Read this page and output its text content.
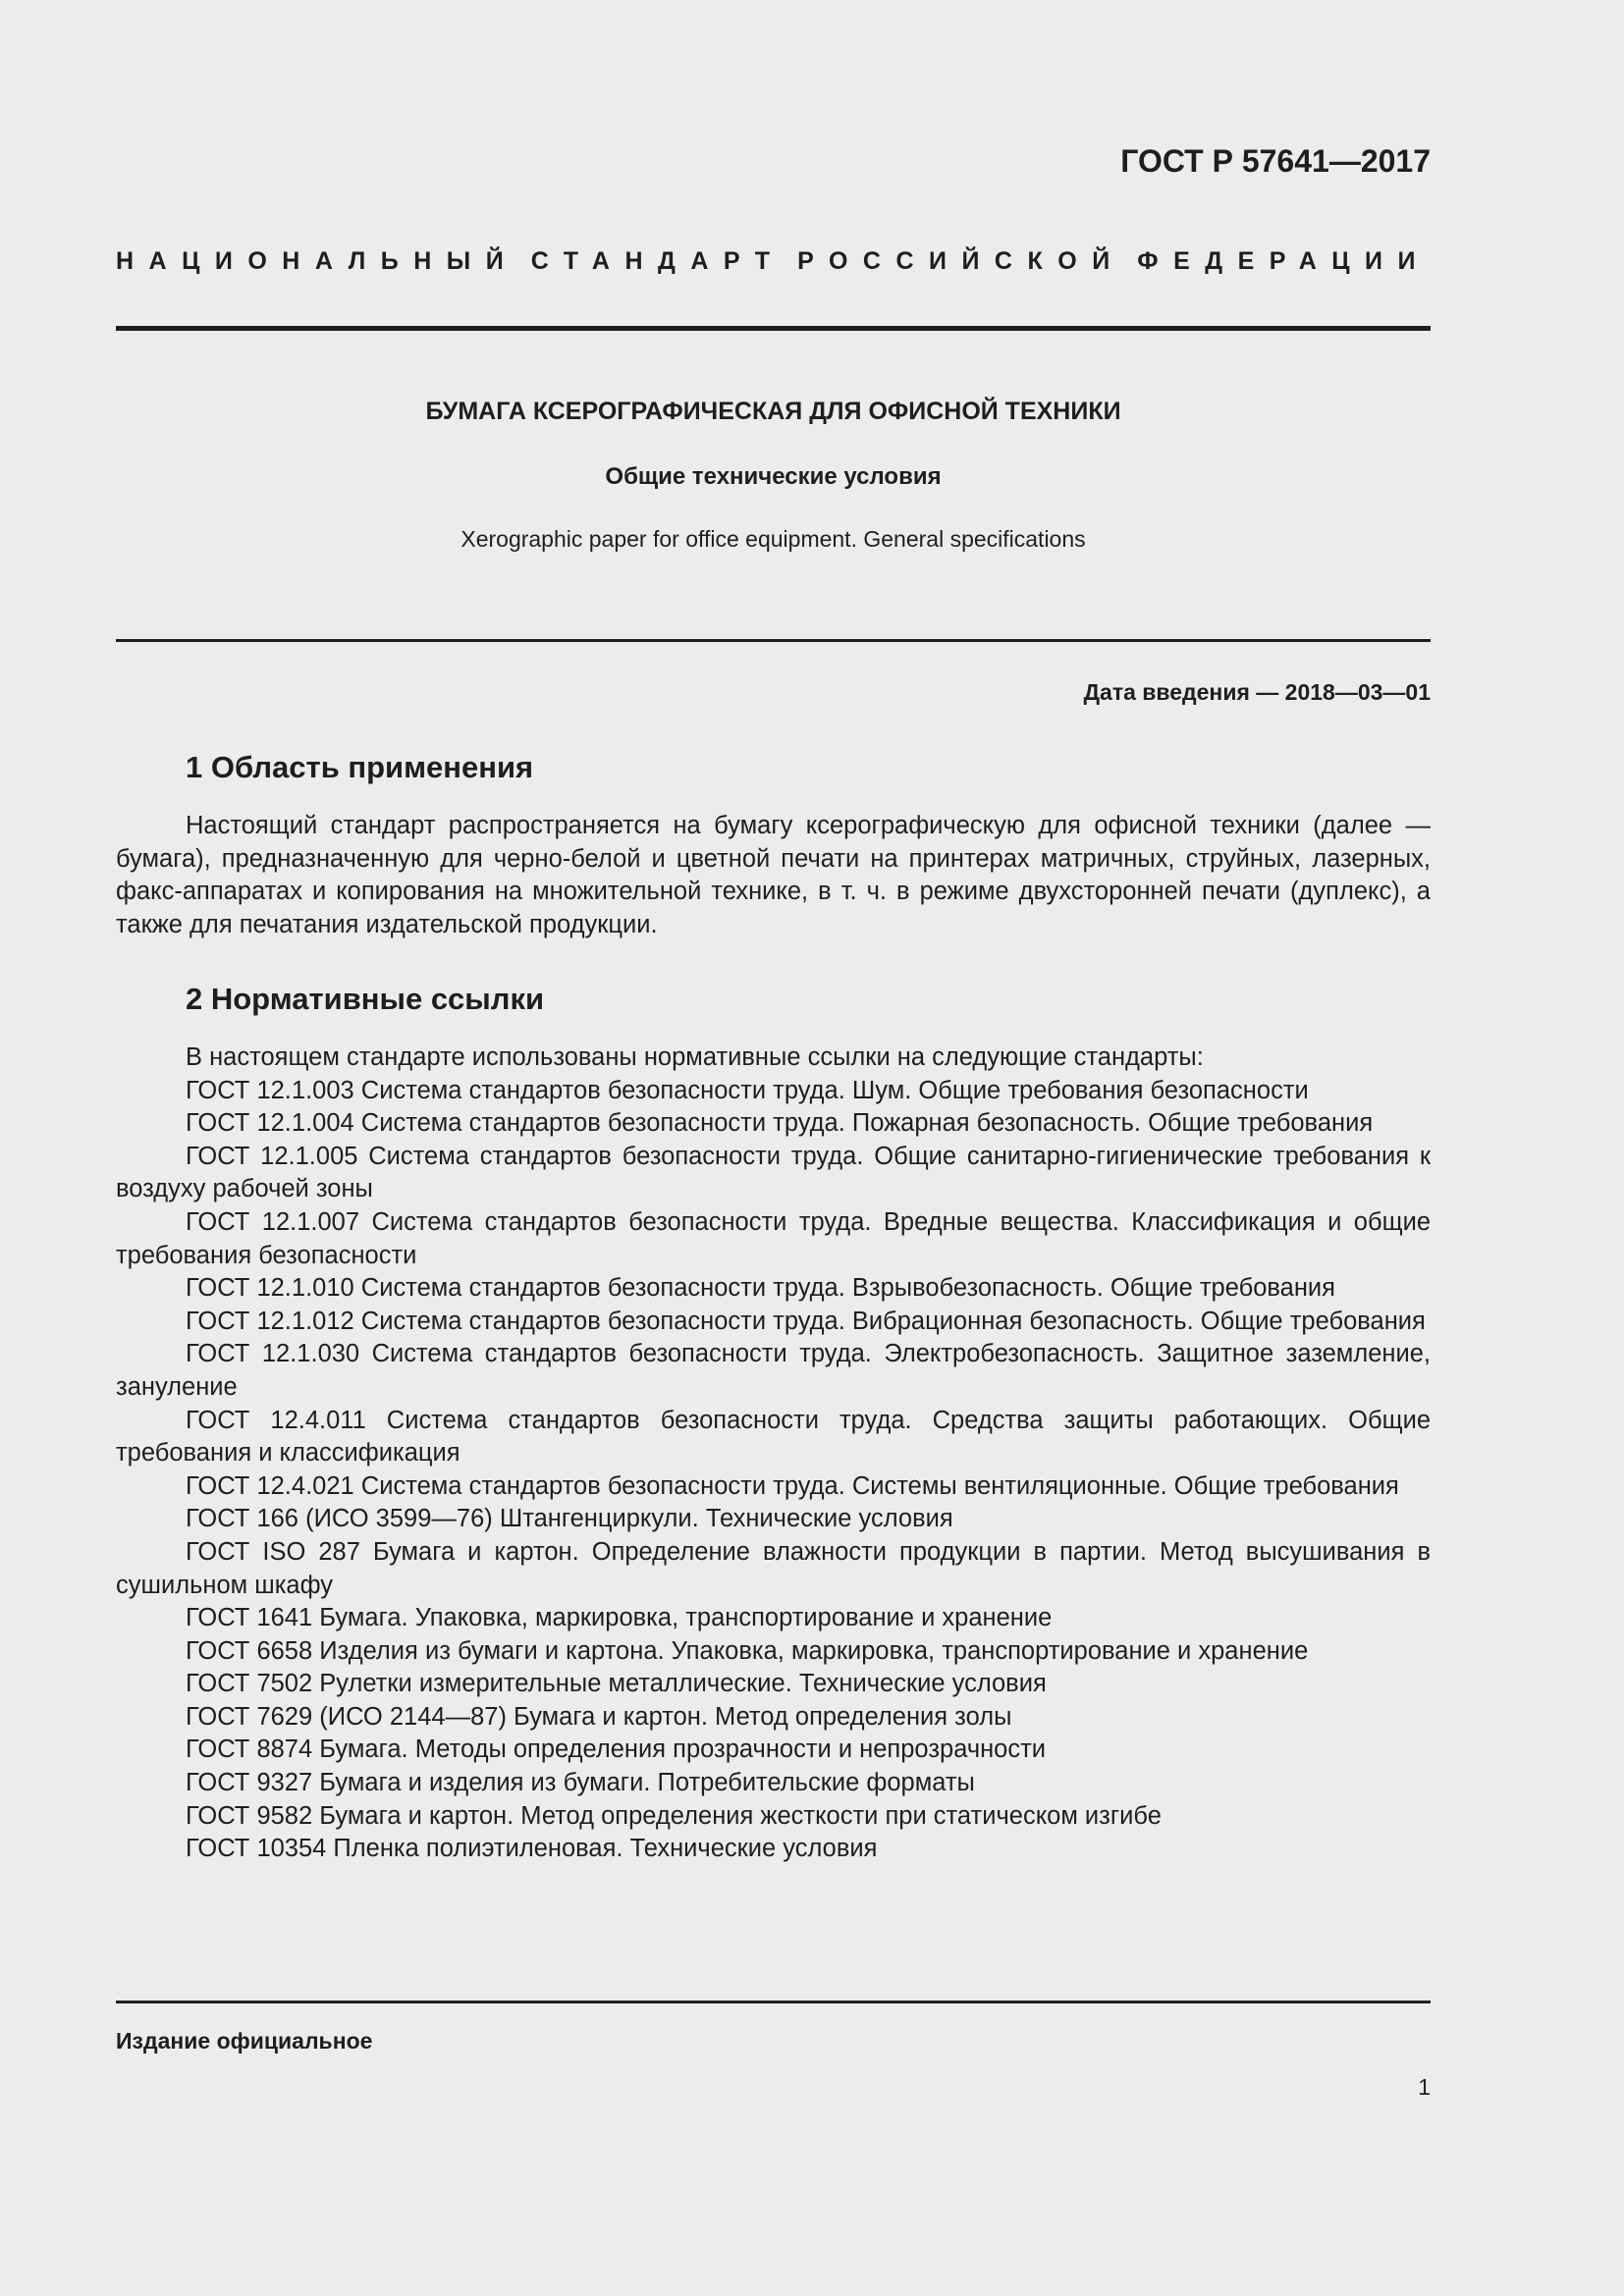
ГОСТ Р 57641—2017
НАЦИОНАЛЬНЫЙ СТАНДАРТ РОССИЙСКОЙ ФЕДЕРАЦИИ
БУМАГА КСЕРОГРАФИЧЕСКАЯ ДЛЯ ОФИСНОЙ ТЕХНИКИ
Общие технические условия
Xerographic paper for office equipment. General specifications
Дата введения — 2018—03—01
1 Область применения

Настоящий стандарт распространяется на бумагу ксерографическую для офисной техники (далее — бумага), предназначенную для черно-белой и цветной печати на принтерах матричных, струйных, лазерных, факс-аппаратах и копирования на множительной технике, в т. ч. в режиме двухсторонней печати (дуплекс), а также для печатания издательской продукции.

2 Нормативные ссылки

В настоящем стандарте использованы нормативные ссылки на следующие стандарты:

ГОСТ 12.1.003 Система стандартов безопасности труда. Шум. Общие требования безопасности

ГОСТ 12.1.004 Система стандартов безопасности труда. Пожарная безопасность. Общие требования

ГОСТ 12.1.005 Система стандартов безопасности труда. Общие санитарно-гигиенические требования к воздуху рабочей зоны

ГОСТ 12.1.007 Система стандартов безопасности труда. Вредные вещества. Классификация и общие требования безопасности

ГОСТ 12.1.010 Система стандартов безопасности труда. Взрывобезопасность. Общие требования

ГОСТ 12.1.012 Система стандартов безопасности труда. Вибрационная безопасность. Общие требования

ГОСТ 12.1.030 Система стандартов безопасности труда. Электробезопасность. Защитное заземление, зануление

ГОСТ 12.4.011 Система стандартов безопасности труда. Средства защиты работающих. Общие требования и классификация

ГОСТ 12.4.021 Система стандартов безопасности труда. Системы вентиляционные. Общие требования

ГОСТ 166 (ИСО 3599—76) Штангенциркули. Технические условия

ГОСТ ISO 287 Бумага и картон. Определение влажности продукции в партии. Метод высушивания в сушильном шкафу

ГОСТ 1641 Бумага. Упаковка, маркировка, транспортирование и хранение

ГОСТ 6658 Изделия из бумаги и картона. Упаковка, маркировка, транспортирование и хранение

ГОСТ 7502 Рулетки измерительные металлические. Технические условия

ГОСТ 7629 (ИСО 2144—87) Бумага и картон. Метод определения золы

ГОСТ 8874 Бумага. Методы определения прозрачности и непрозрачности

ГОСТ 9327 Бумага и изделия из бумаги. Потребительские форматы

ГОСТ 9582 Бумага и картон. Метод определения жесткости при статическом изгибе

ГОСТ 10354 Пленка полиэтиленовая. Технические условия

Издание официальное
1
